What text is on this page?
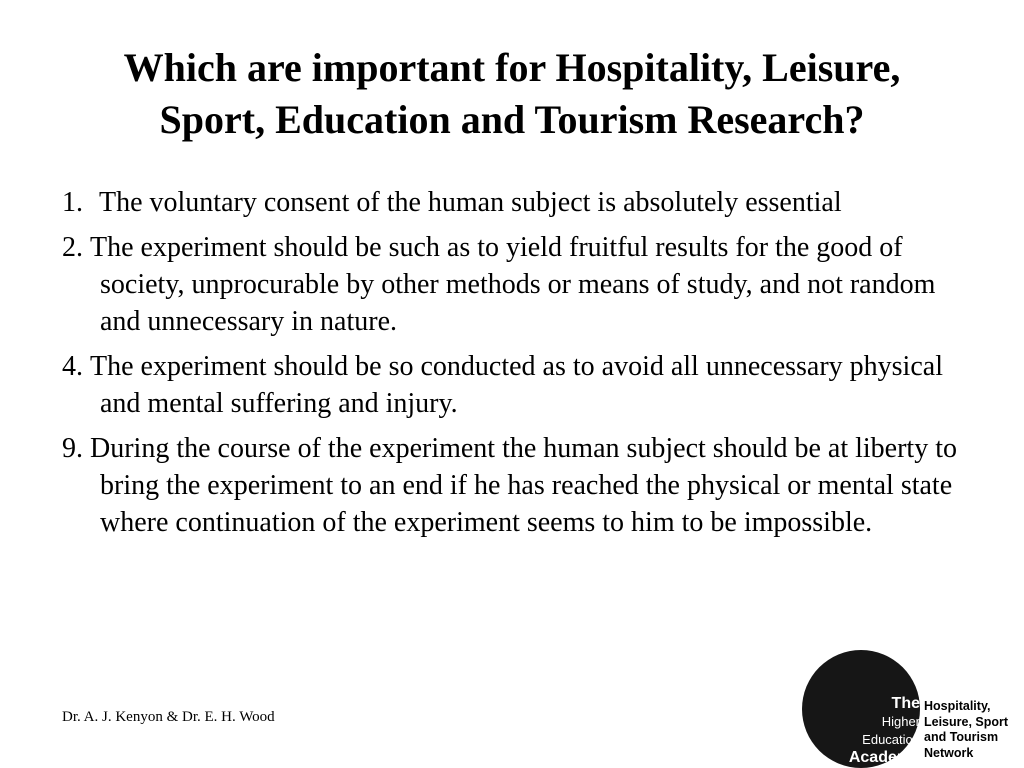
Which are important for Hospitality, Leisure,
Sport, Education and Tourism Research?
1. The voluntary consent of the human subject is absolutely essential
2. The experiment should be such as to yield fruitful results for the good of society, unprocurable by other methods or means of study, and not random and unnecessary in nature.
4. The experiment should be so conducted as to avoid all unnecessary physical and mental suffering and injury.
9. During the course of the experiment the human subject should be at liberty to bring the experiment to an end if he has reached the physical or mental state where continuation of the experiment seems to him to be impossible.
Dr. A. J. Kenyon & Dr. E. H. Wood
The
Higher
Education
Academy
Hospitality,
Leisure, Sport
and Tourism
Network
